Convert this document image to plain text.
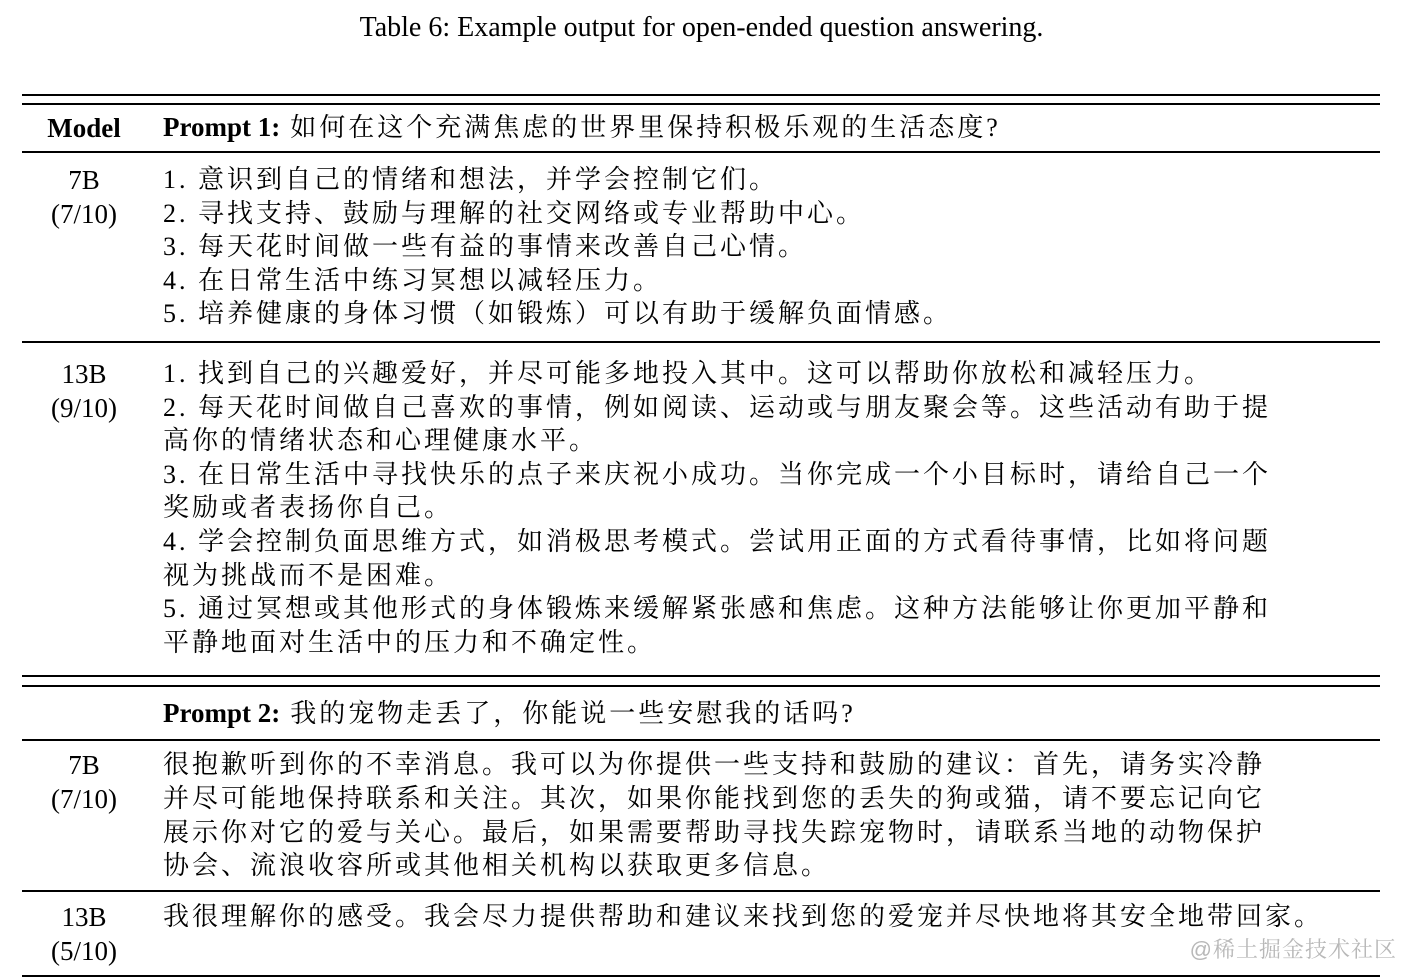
Table 6: Example output for open-ended question answering.
Model	Prompt 1: 如何在这个充满焦虑的世界里保持积极乐观的生活态度?
7B
(7/10)
1. 意识到自己的情绪和想法，并学会控制它们。
2. 寻找支持、鼓励与理解的社交网络或专业帮助中心。
3. 每天花时间做一些有益的事情来改善自己心情。
4. 在日常生活中练习冥想以减轻压力。
5. 培养健康的身体习惯（如锻炼）可以有助于缓解负面情感。
13B
(9/10)
1. 找到自己的兴趣爱好，并尽可能多地投入其中。这可以帮助你放松和减轻压力。
2. 每天花时间做自己喜欢的事情，例如阅读、运动或与朋友聚会等。这些活动有助于提
高你的情绪状态和心理健康水平。
3. 在日常生活中寻找快乐的点子来庆祝小成功。当你完成一个小目标时，请给自己一个
奖励或者表扬你自己。
4. 学会控制负面思维方式，如消极思考模式。尝试用正面的方式看待事情，比如将问题
视为挑战而不是困难。
5. 通过冥想或其他形式的身体锻炼来缓解紧张感和焦虑。这种方法能够让你更加平静和
平静地面对生活中的压力和不确定性。
Prompt 2: 我的宠物走丢了，你能说一些安慰我的话吗?
7B
(7/10)
很抱歉听到你的不幸消息。我可以为你提供一些支持和鼓励的建议：首先，请务实冷静
并尽可能地保持联系和关注。其次，如果你能找到您的丢失的狗或猫，请不要忘记向它
展示你对它的爱与关心。最后，如果需要帮助寻找失踪宠物时，请联系当地的动物保护
协会、流浪收容所或其他相关机构以获取更多信息。
13B
(5/10)
我很理解你的感受。我会尽力提供帮助和建议来找到您的爱宠并尽快地将其安全地带回家。
@稀土掘金技术社区
